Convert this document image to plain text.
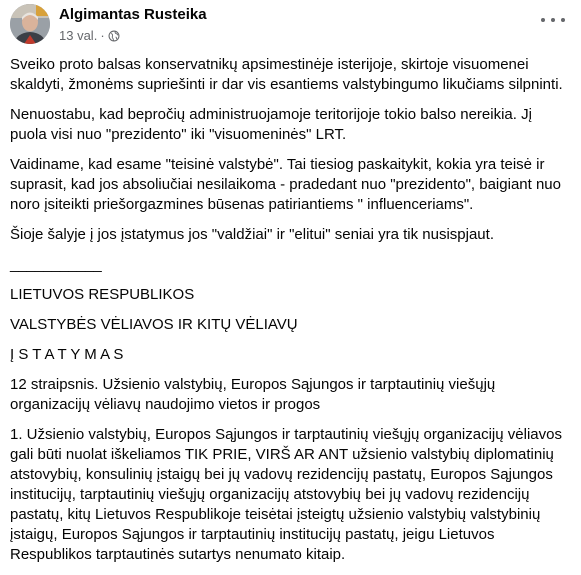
Algimantas Rusteika
13 val. ·

Sveiko proto balsas konservatnikų apsimestinėje isterijoje, skirtoje visuomenei skaldyti, žmonėms supriešinti ir dar vis esantiems valstybingumo likučiams silpninti.

Nenuostabu, kad bepročių administruojamoje teritorijoje tokio balso nereikia. Jį puola visi nuo "prezidento" iki "visuomeninės" LRT.

Vaidiname, kad esame "teisinė valstybė". Tai tiesiog paskaitykit, kokia yra teisė ir suprasit, kad jos absoliučiai nesilaikoma - pradedant nuo "prezidento", baigiant nuo noro įsiteikti priešorgazmines būsenas patiriantiems " influenceriams".

Šioje šalyje į jos įstatymus jos "valdžiai" ir "elitui" seniai yra tik nusispjaut.

___________

LIETUVOS RESPUBLIKOS

VALSTYBĖS VĖLIAVOS IR KITŲ VĖLIAVŲ

Į S T A T Y M A S

12 straipsnis. Užsienio valstybių, Europos Sąjungos ir tarptautinių viešųjų organizacijų vėliavų naudojimo vietos ir progos

1. Užsienio valstybių, Europos Sąjungos ir tarptautinių viešųjų organizacijų vėliavos gali būti nuolat iškeliamos TIK PRIE, VIRŠ AR ANT užsienio valstybių diplomatinių atstovybių, konsulinių įstaigų bei jų vadovų rezidencijų pastatų, Europos Sąjungos institucijų, tarptautinių viešųjų organizacijų atstovybių bei jų vadovų rezidencijų pastatų, kitų Lietuvos Respublikoje teisėtai įsteigtų užsienio valstybių valstybinių įstaigų, Europos Sąjungos ir tarptautinių institucijų pastatų, jeigu Lietuvos Respublikos tarptautinės sutartys nenumato kitaip.
